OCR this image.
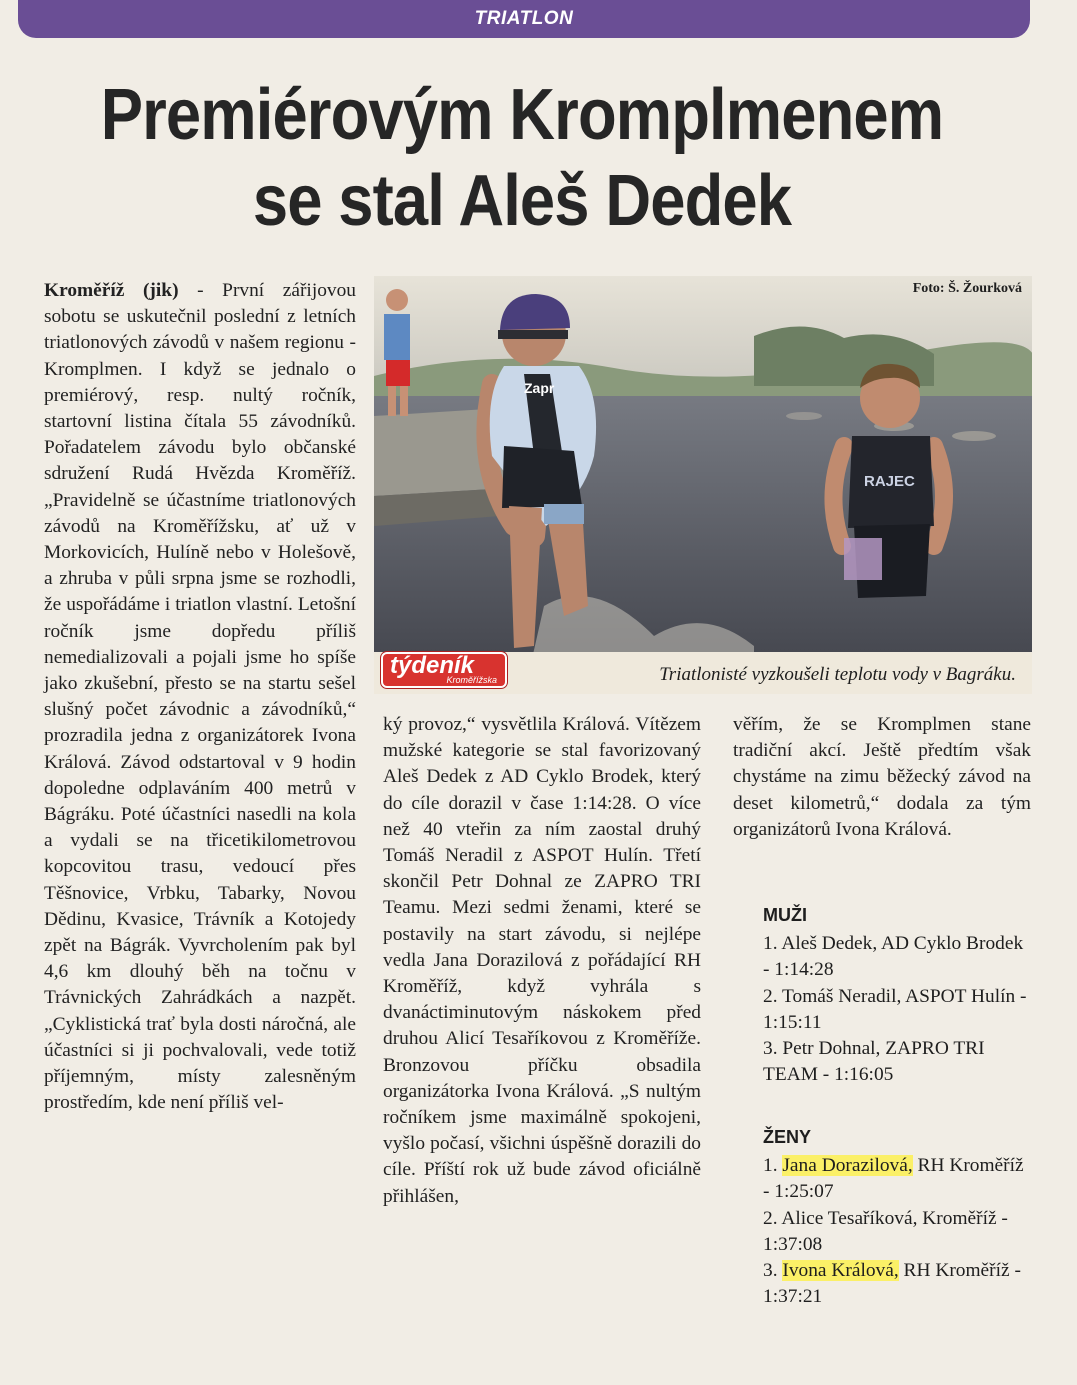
TRIATLON
Premiérovým Kromplmenem
se stal Aleš Dedek

Kroměříž (jik) - První zářijovou sobotu se uskutečnil poslední z letních triatlonových závodů v našem regionu - Kromplmen. I když se jednalo o premiérový, resp. nultý ročník, startovní listina čítala 55 závodníků. Pořadatelem závodu bylo občanské sdružení Rudá Hvězda Kroměříž. „Pravidelně se účastníme triatlonových závodů na Kroměřížsku, ať už v Morkovicích, Hulíně nebo v Holešově, a zhruba v půli srpna jsme se rozhodli, že uspořádáme i triatlon vlastní. Letošní ročník jsme dopředu příliš nemedializovali a pojali jsme ho spíše jako zkušební, přesto se na startu sešel slušný počet závodnic a závodníků,“ prozradila jedna z organizátorek Ivona Králová. Závod odstartoval v 9 hodin dopoledne odplaváním 400 metrů v Bágráku. Poté účastníci nasedli na kola a vydali se na třicetikilometrovou kopcovitou trasu, vedoucí přes Těšnovice, Vrbku, Tabarky, Novou Dědinu, Kvasice, Trávník a Kotojedy zpět na Bágrák. Vyvrcholením pak byl 4,6 km dlouhý běh na točnu v Trávnických Zahrádkách a nazpět. „Cyklistická trať byla dosti náročná, ale účastníci si ji pochvalovali, vede totiž příjemným, místy zalesněným prostředím, kde není příliš vel-

Zapr
RAJEC
Foto: Š. Žourková
týdeník
Kroměřížska	Triatlonisté vyzkoušeli teplotu vody v Bagráku.

ký provoz,“ vysvětlila Králová. Vítězem mužské kategorie se stal favorizovaný Aleš Dedek z AD Cyklo Brodek, který do cíle dorazil v čase 1:14:28. O více než 40 vteřin za ním zaostal druhý Tomáš Neradil z ASPOT Hulín. Třetí skončil Petr Dohnal ze ZAPRO TRI Teamu. Mezi sedmi ženami, které se postavily na start závodu, si nejlépe vedla Jana Dorazilová z pořádající RH Kroměříž, když vyhrála s dvanáctiminutovým náskokem před druhou Alicí Tesaříkovou z Kroměříže. Bronzovou příčku obsadila organizátorka Ivona Králová. „S nultým ročníkem jsme maximálně spokojeni, vyšlo počasí, všichni úspěšně dorazili do cíle. Příští rok už bude závod oficiálně přihlášen,

věřím, že se Kromplmen stane tradiční akcí. Ještě předtím však chystáme na zimu běžecký závod na deset kilometrů,“ dodala za tým organizátorů Ivona Králová.

MUŽI
1. Aleš Dedek, AD Cyklo Brodek - 1:14:28
2. Tomáš Neradil, ASPOT Hulín - 1:15:11
3. Petr Dohnal, ZAPRO TRI TEAM - 1:16:05
ŽENY
1. Jana Dorazilová, RH Kroměříž - 1:25:07
2. Alice Tesaříková, Kroměříž - 1:37:08
3. Ivona Králová, RH Kroměříž - 1:37:21
